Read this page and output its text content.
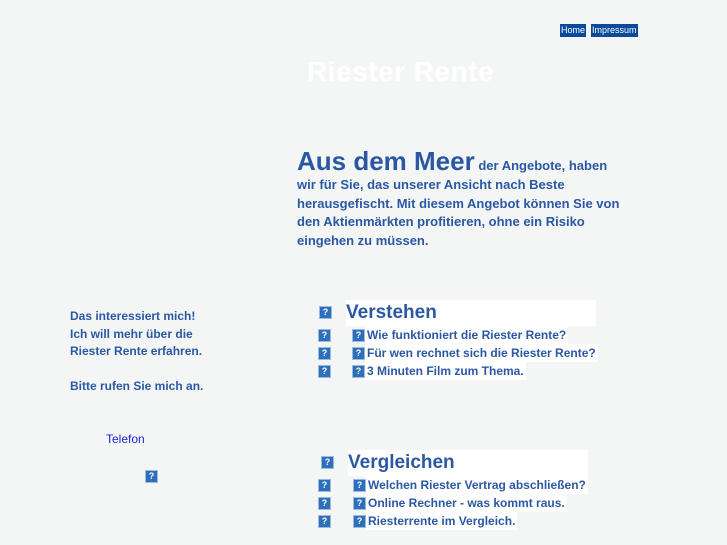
Home Impressum
Riester Rente
Aus dem Meer der Angebote, haben wir für Sie, das unserer Ansicht nach Beste herausgefischt. Mit diesem Angebot können Sie von den Aktienmärkten profitieren, ohne ein Risiko eingehen zu müssen.
Das interessiert mich!
Ich will mehr über die
Riester Rente erfahren.
Bitte rufen Sie mich an.
Telefon
?
? Verstehen
?	? Wie funktioniert die Riester Rente?
?	? Für wen rechnet sich die Riester Rente?
?	? 3 Minuten Film zum Thema.
? Vergleichen
?	? Welchen Riester Vertrag abschließen?
?	? Online Rechner - was kommt raus.
?	? Riesterrente im Vergleich.
